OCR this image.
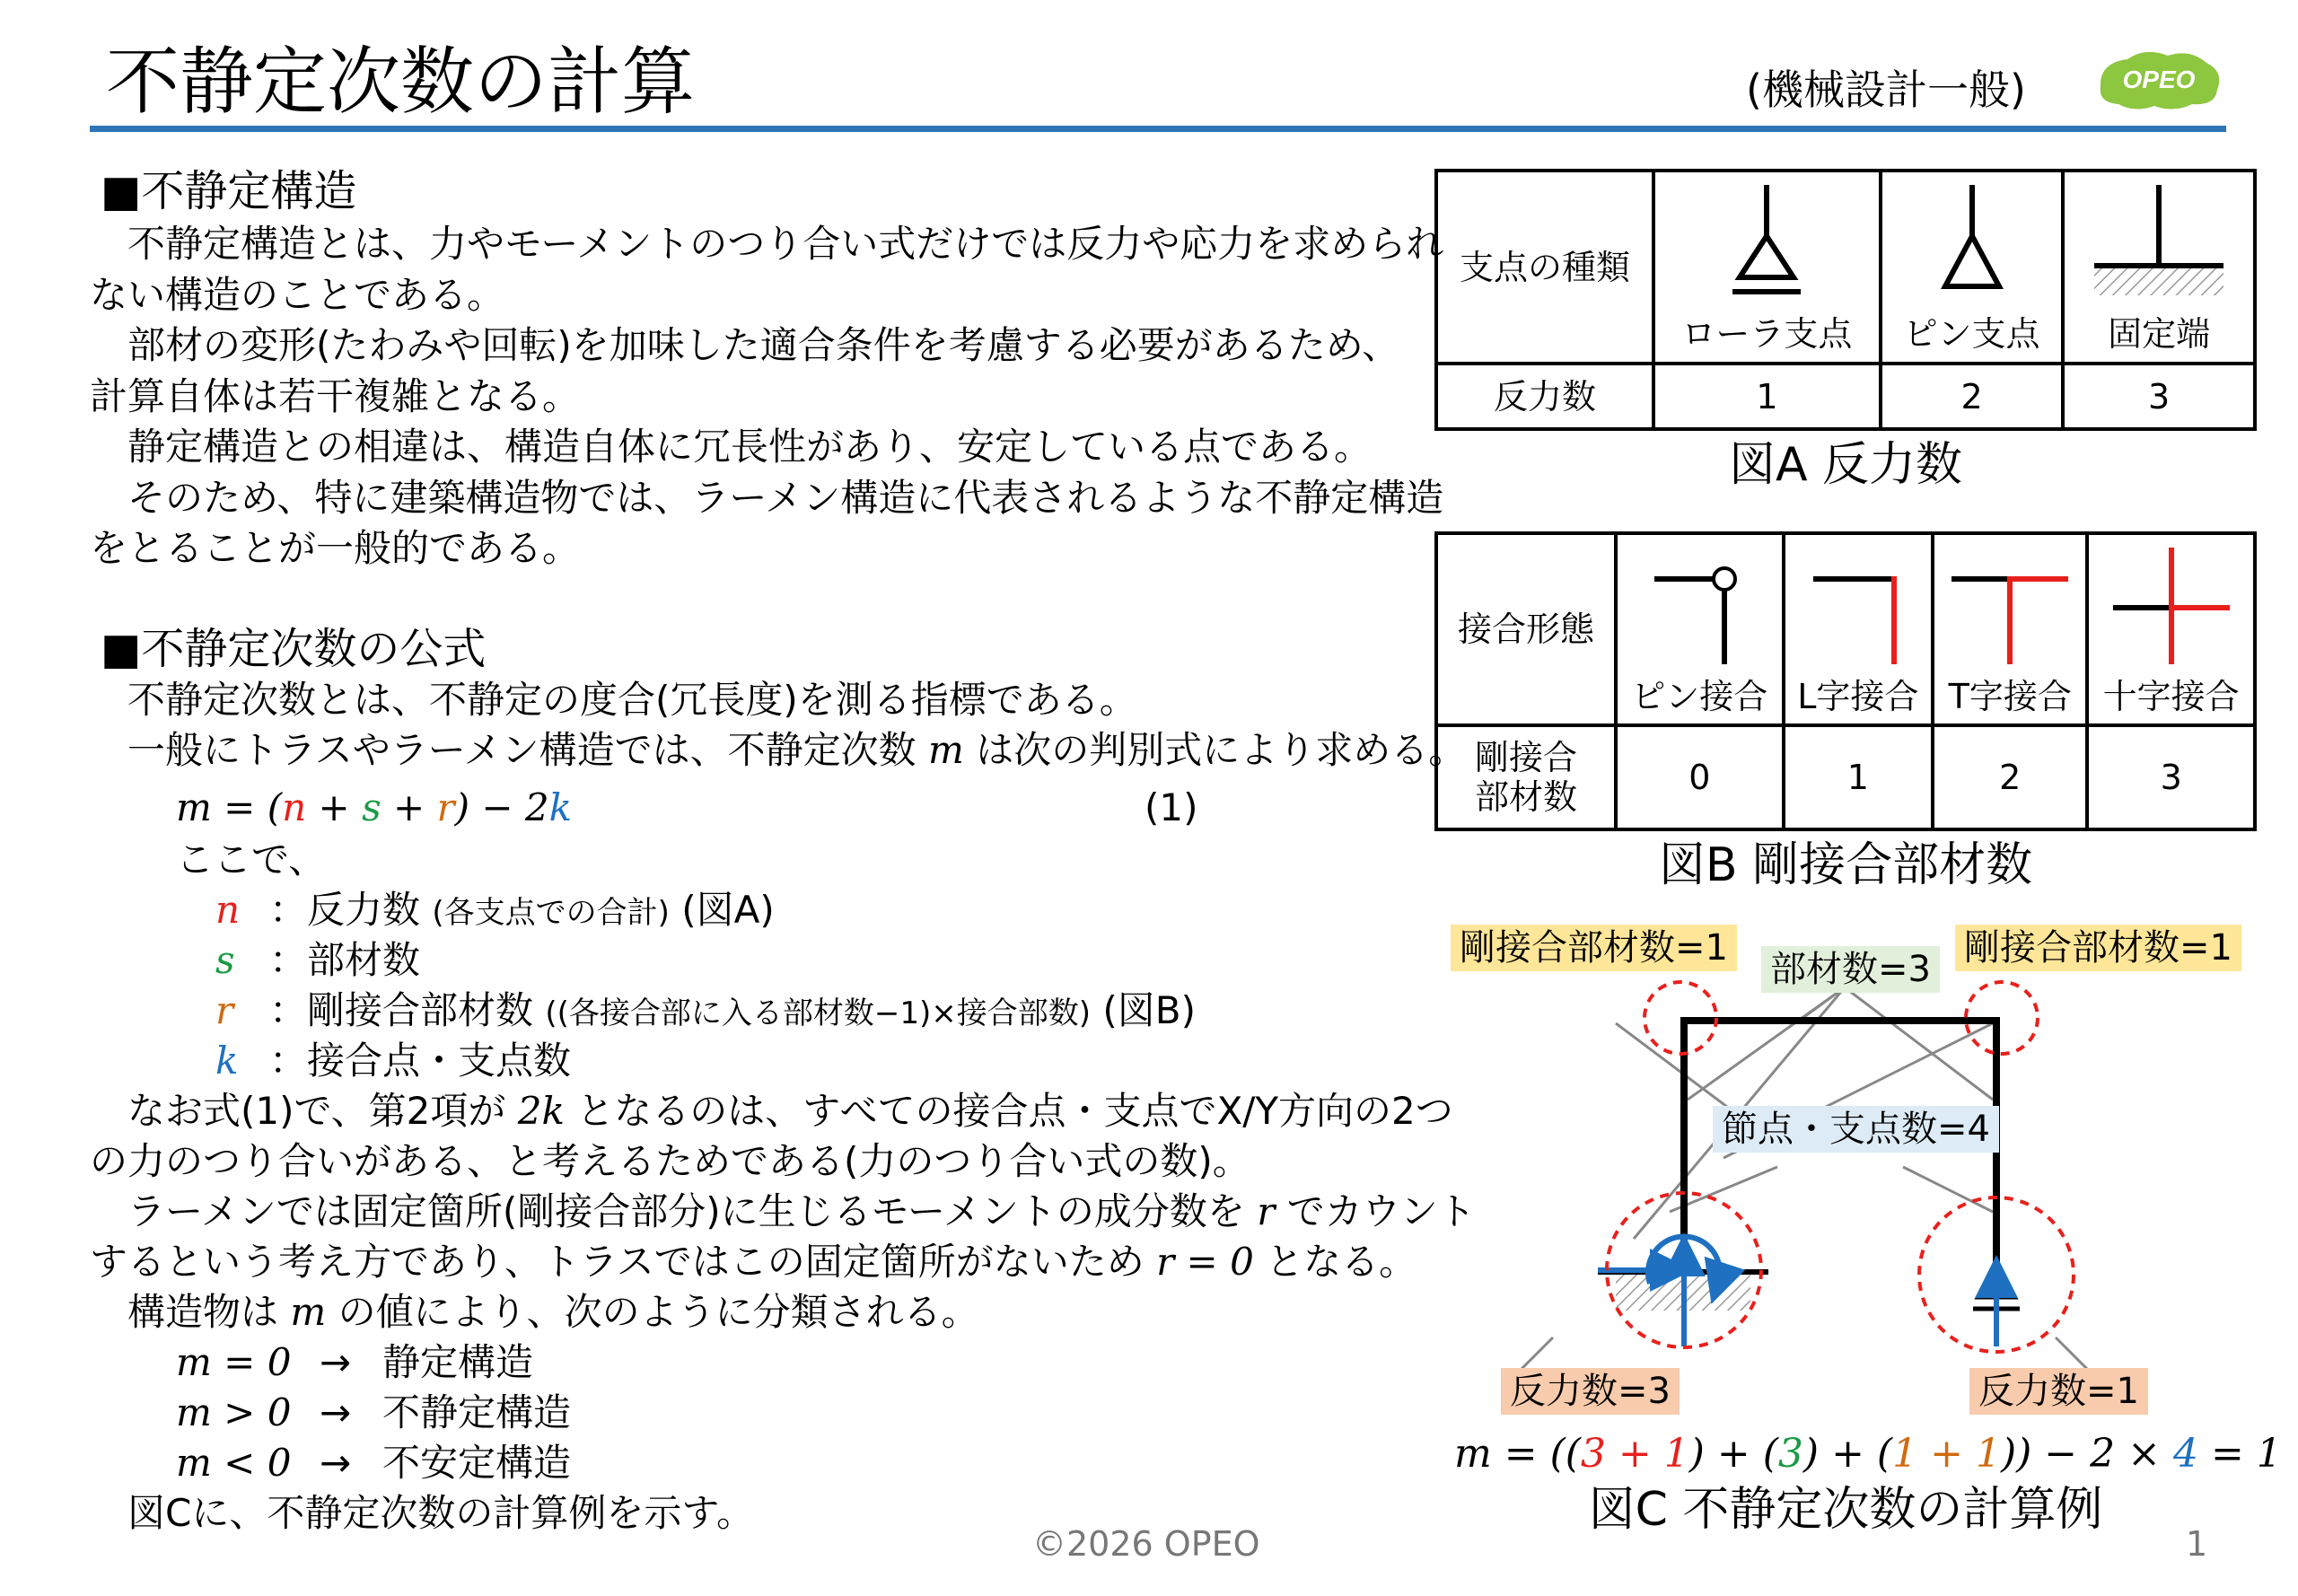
不静定次数の計算	(機械設計一般)	OPEO
■不静定構造
　不静定構造とは、力やモーメントのつり合い式だけでは反力や応力を求められ
ない構造のことである。
　部材の変形(たわみや回転)を加味した適合条件を考慮する必要があるため、
計算自体は若干複雑となる。
　静定構造との相違は、構造自体に冗長性があり、安定している点である。
　そのため、特に建築構造物では、ラーメン構造に代表されるような不静定構造
をとることが一般的である。
■不静定次数の公式
　不静定次数とは、不静定の度合(冗長度)を測る指標である。
　一般にトラスやラーメン構造では、不静定次数 m は次の判別式により求める。
m = (n + s + r) − 2k	(1)
ここで、
n ：反力数 (各支点での合計) (図A)
s ：部材数
r ：剛接合部材数 ((各接合部に入る部材数−1)×接合部数) (図B)
k ：接合点・支点数
　なお式(1)で、第2項が 2k となるのは、すべての接合点・支点でX/Y方向の2つ
の力のつり合いがある、と考えるためである(力のつり合い式の数)。
　ラーメンでは固定箇所(剛接合部分)に生じるモーメントの成分数を r でカウント
するという考え方であり、トラスではこの固定箇所がないため r = 0 となる。
　構造物は m の値により、次のように分類される。
m = 0 → 静定構造
m > 0 → 不静定構造
m < 0 → 不安定構造
　図Cに、不静定次数の計算例を示す。
支点の種類	ローラ支点	ピン支点	固定端

反力数	1	2	3
図A 反力数
接合形態	ピン接合	L字接合	T字接合	十字接合

剛接合
部材数	0	1	2	3
図B 剛接合部材数
剛接合部材数=1	剛接合部材数=1
部材数=3
節点・支点数=4
反力数=3	反力数=1
m = ((3 + 1) + (3) + (1 + 1)) − 2 × 4 = 1
図C 不静定次数の計算例
©2026 OPEO	1
